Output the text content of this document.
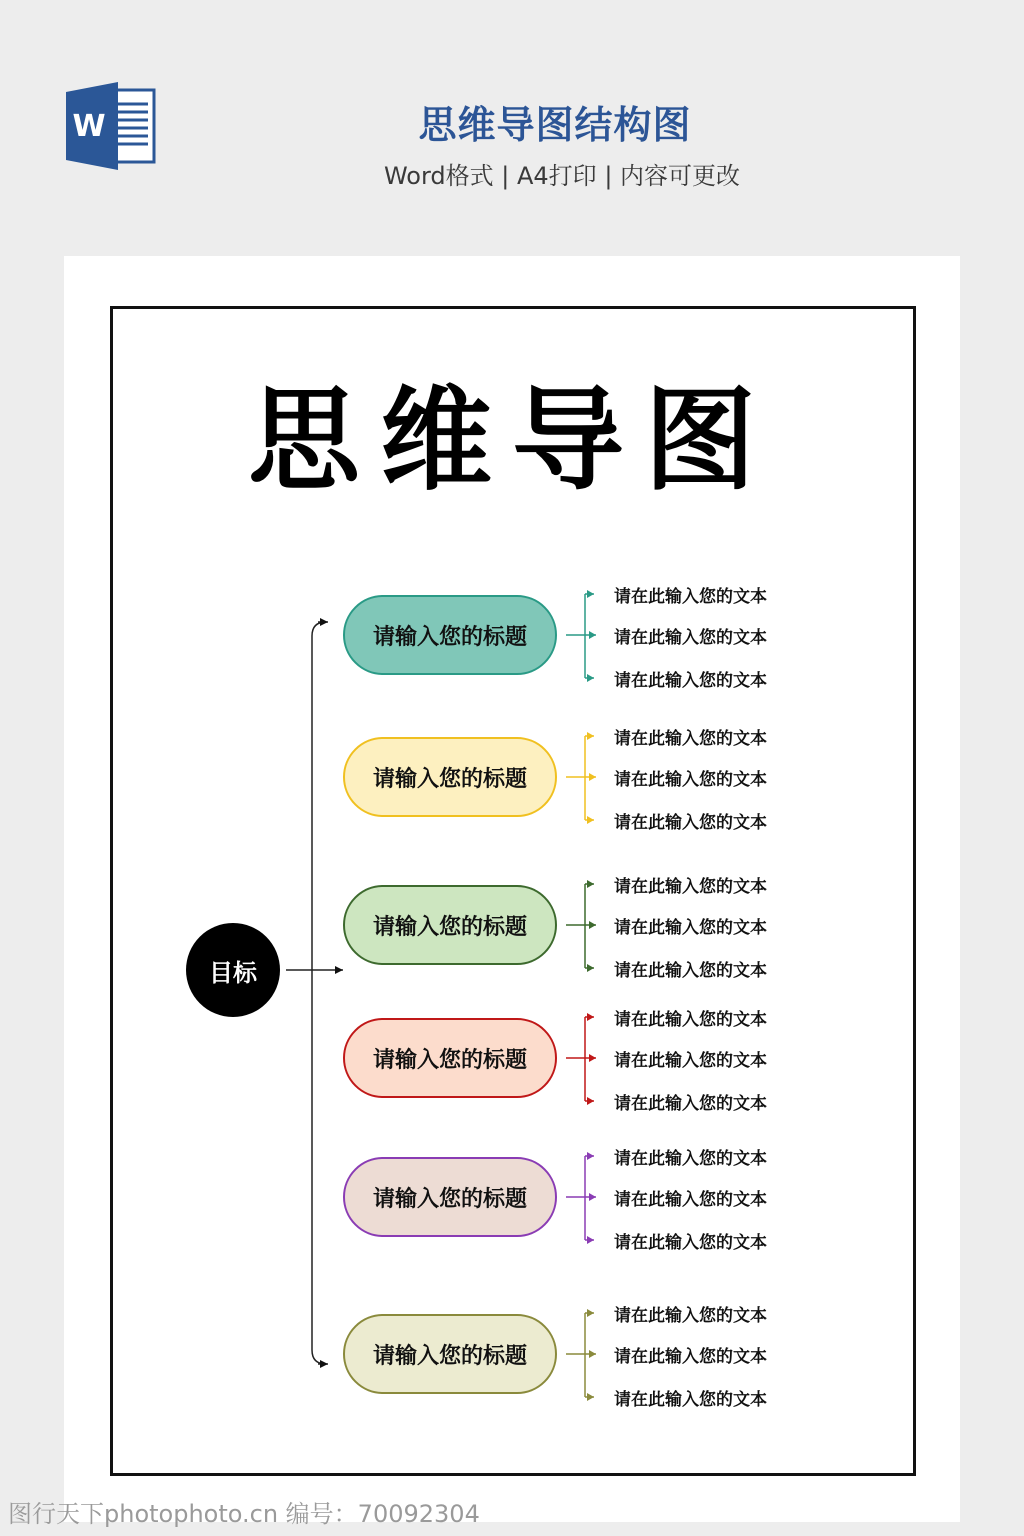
W	思维导图结构图
Word格式 | A4打印 | 内容可更改
思维导图
目标
请输入您的标题
请在此输入您的文本
请在此输入您的文本
请在此输入您的文本
请输入您的标题
请在此输入您的文本
请在此输入您的文本
请在此输入您的文本
请输入您的标题
请在此输入您的文本
请在此输入您的文本
请在此输入您的文本
请输入您的标题
请在此输入您的文本
请在此输入您的文本
请在此输入您的文本
请输入您的标题
请在此输入您的文本
请在此输入您的文本
请在此输入您的文本
请输入您的标题
请在此输入您的文本
请在此输入您的文本
请在此输入您的文本
图行天下photophoto.cn 编号：70092304
